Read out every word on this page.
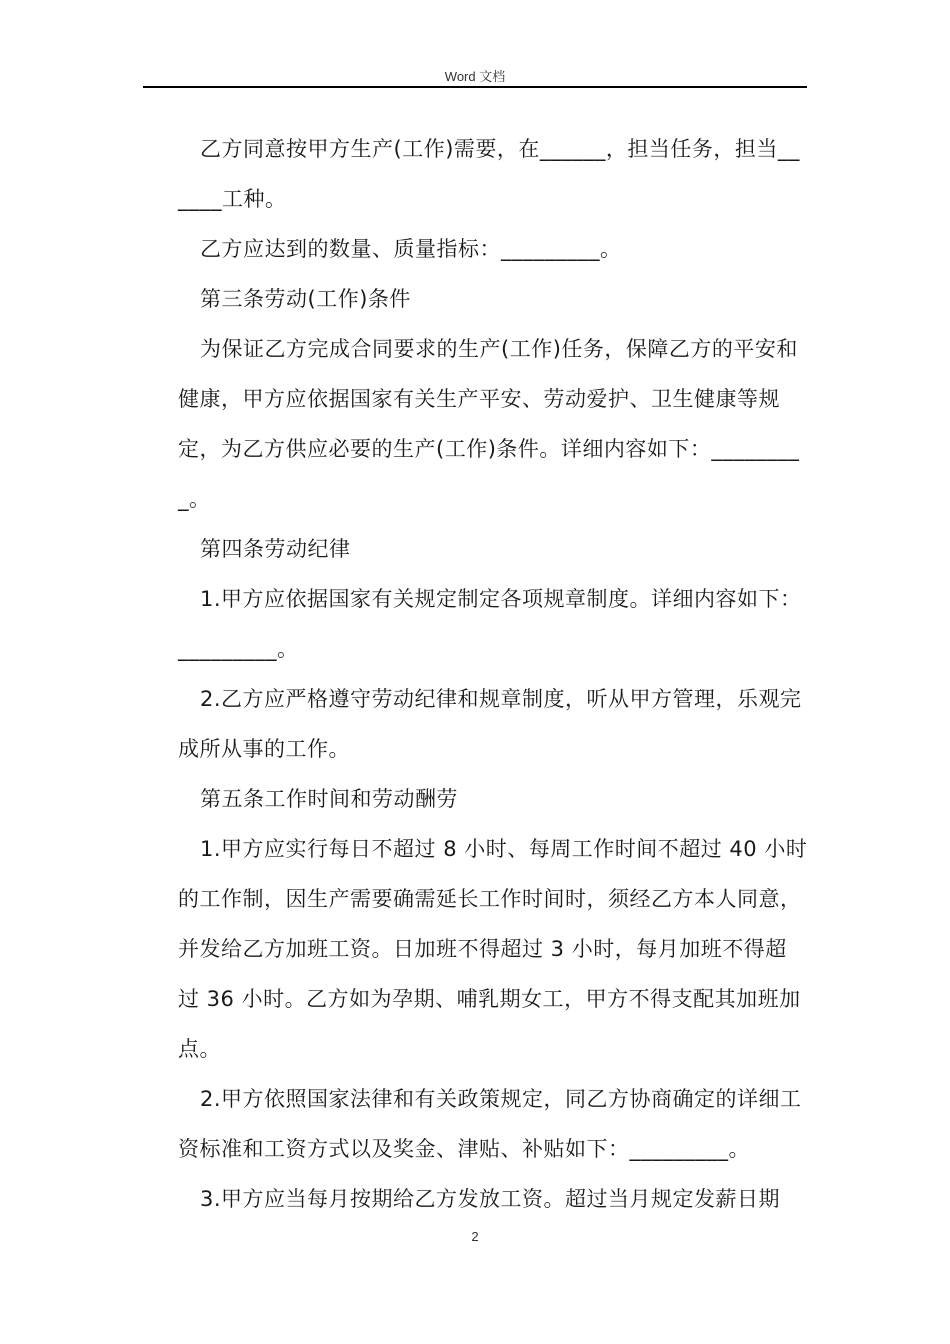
Word 文档

乙方同意按甲方生产(工作)需要，在______，担当任务，担当______工种。

乙方应达到的数量、质量指标：_________。

第三条劳动(工作)条件

为保证乙方完成合同要求的生产(工作)任务，保障乙方的平安和健康，甲方应依据国家有关生产平安、劳动爱护、卫生健康等规定，为乙方供应必要的生产(工作)条件。详细内容如下：_________。

第四条劳动纪律

1.甲方应依据国家有关规定制定各项规章制度。详细内容如下：_________。

2.乙方应严格遵守劳动纪律和规章制度，听从甲方管理，乐观完成所从事的工作。

第五条工作时间和劳动酬劳

1.甲方应实行每日不超过 8 小时、每周工作时间不超过 40 小时的工作制，因生产需要确需延长工作时间时，须经乙方本人同意，并发给乙方加班工资。日加班不得超过 3 小时，每月加班不得超过 36 小时。乙方如为孕期、哺乳期女工，甲方不得支配其加班加点。

2.甲方依照国家法律和有关政策规定，同乙方协商确定的详细工资标准和工资方式以及奖金、津贴、补贴如下：_________。

3.甲方应当每月按期给乙方发放工资。超过当月规定发薪日期

2
